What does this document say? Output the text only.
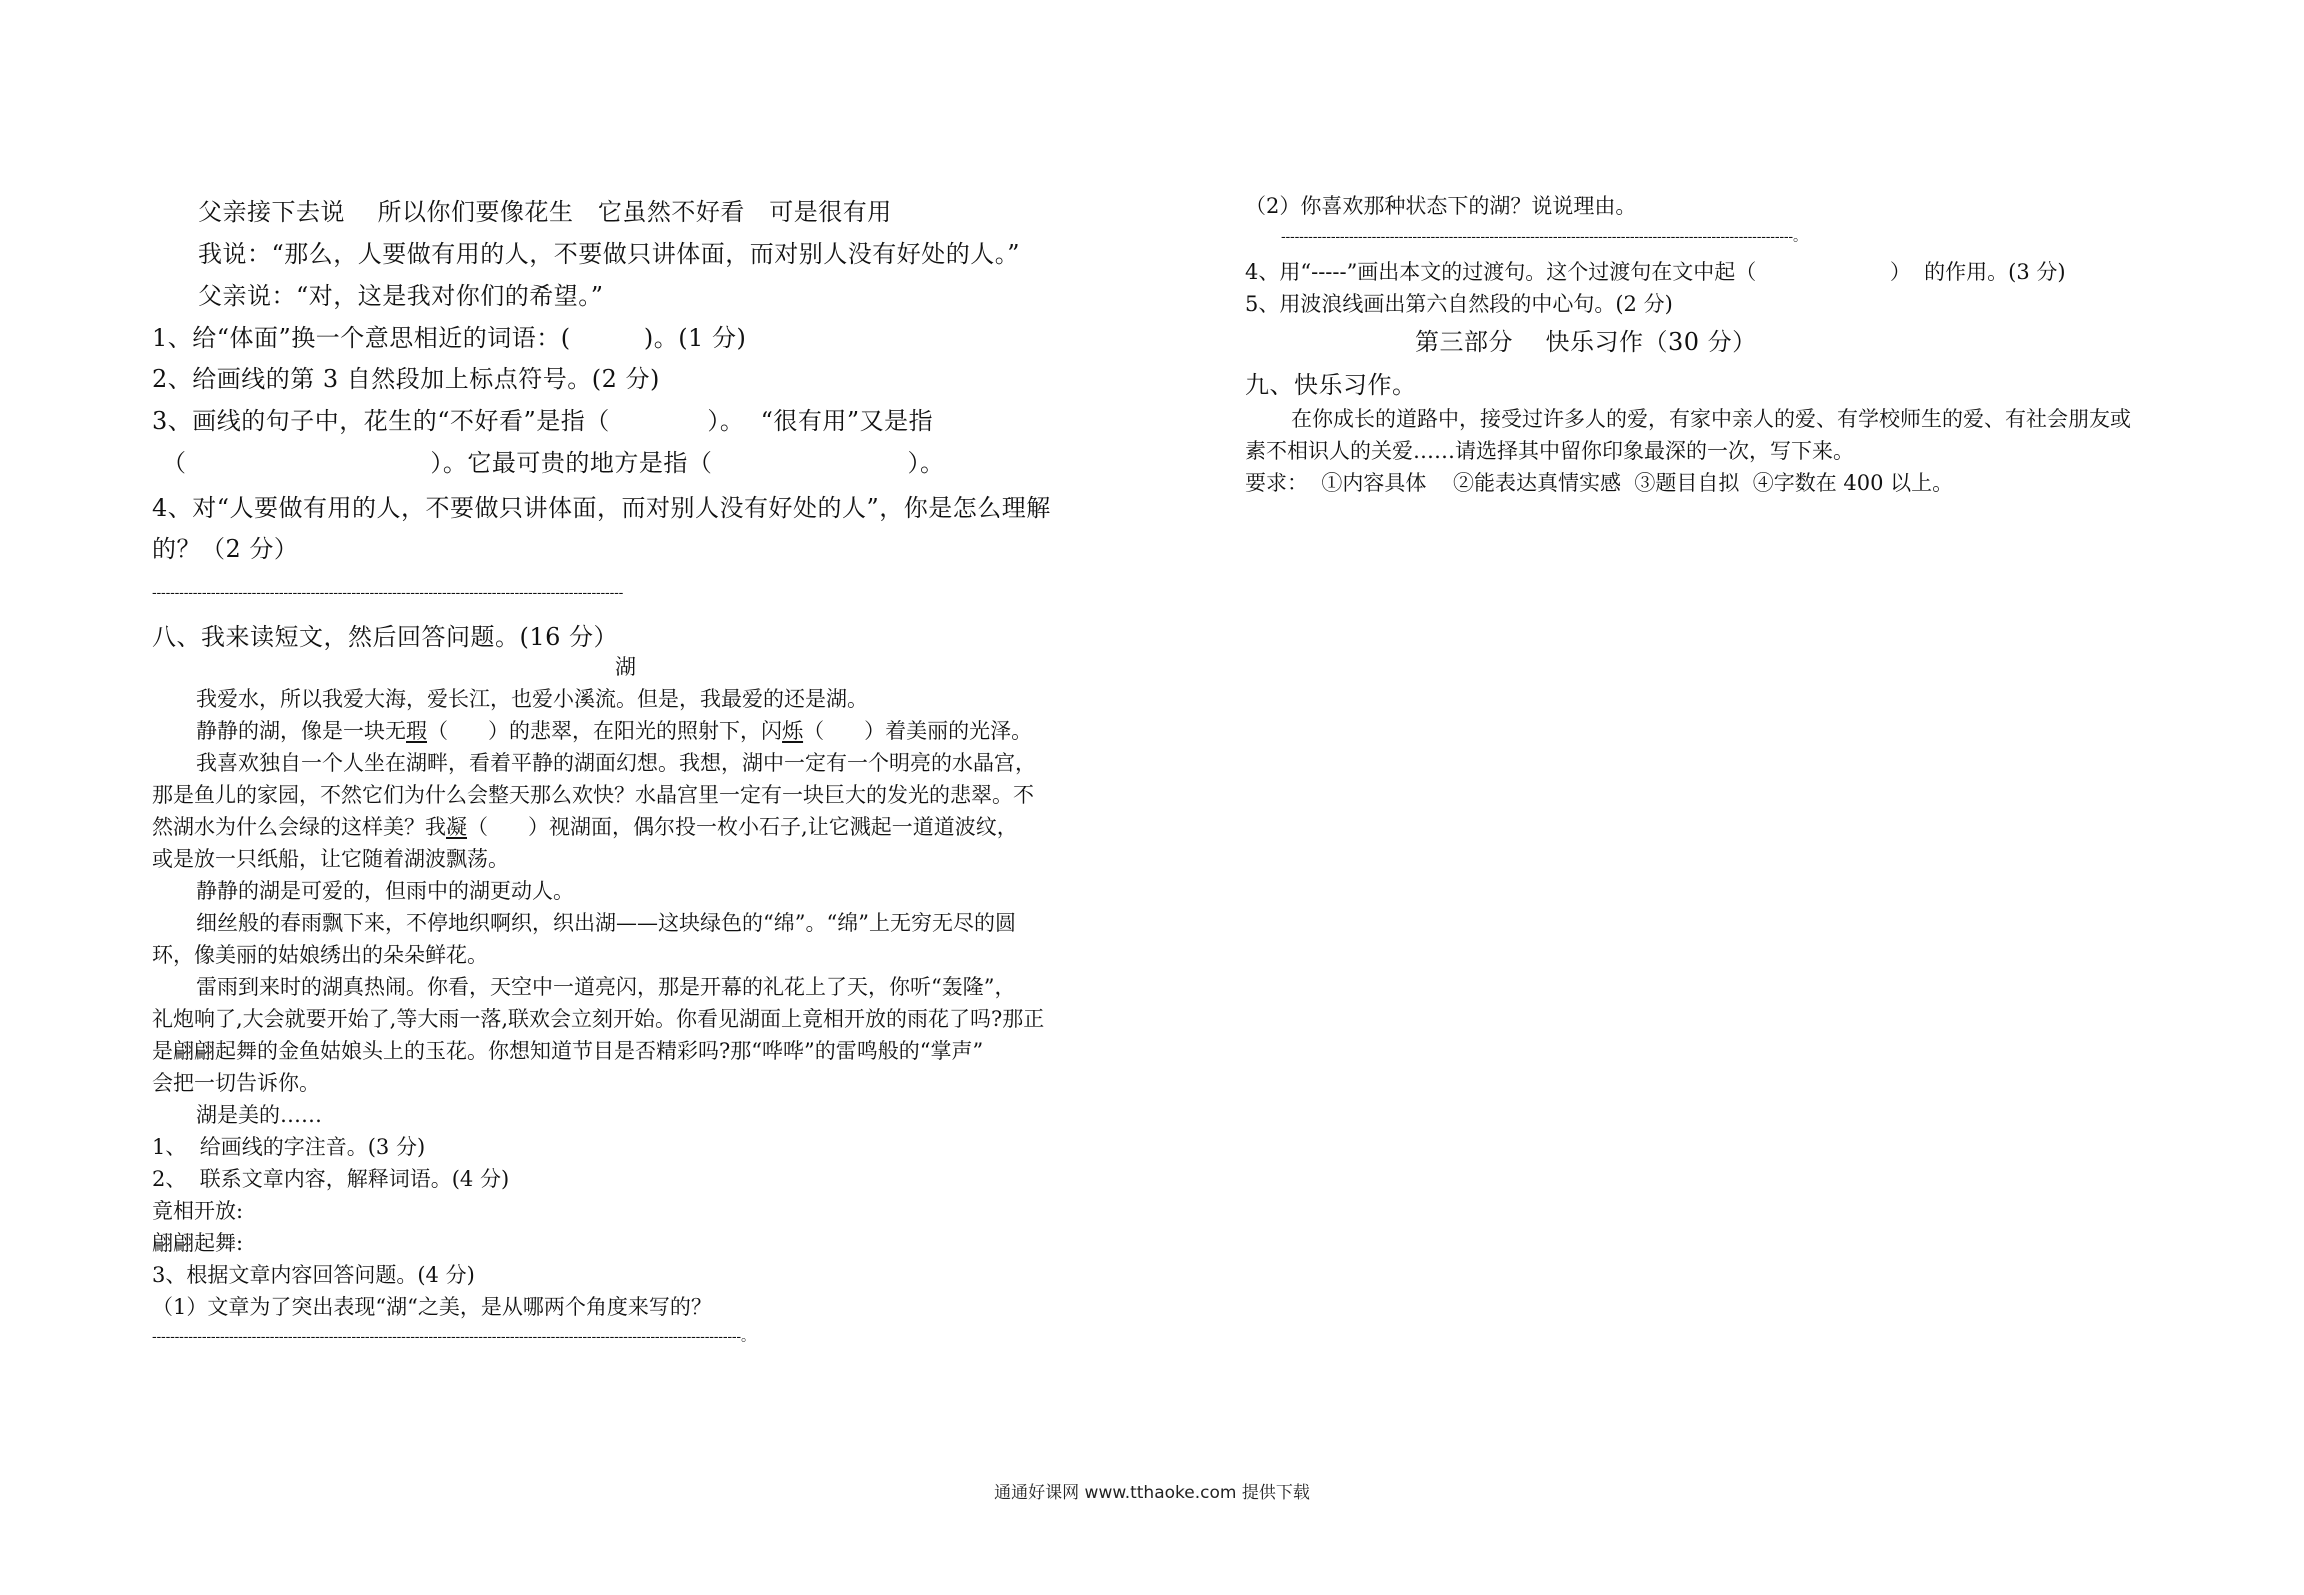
父亲接下去说    所以你们要像花生   它虽然不好看   可是很有用
我说：“那么，人要做有用的人，不要做只讲体面，而对别人没有好处的人。”
父亲说：“对，这是我对你们的希望。”
1、给“体面”换一个意思相近的词语：(         )。(1 分)
2、给画线的第 3 自然段加上标点符号。(2 分)
3、画线的句子中，花生的“不好看”是指（            ）。  “很有用”又是指
（                              ）。它最可贵的地方是指（                        ）。
4、对“人要做有用的人，不要做只讲体面，而对别人没有好处的人”，你是怎么理解
的？（2 分）
--------------------------------------------------------------------------------------------------------
八、我来读短文，然后回答问题。(16 分）
湖
我爱水，所以我爱大海，爱长江，也爱小溪流。但是，我最爱的还是湖。
静静的湖，像是一块无瑕（      ）的悲翠，在阳光的照射下，闪烁（      ）着美丽的光泽。
我喜欢独自一个人坐在湖畔，看着平静的湖面幻想。我想，湖中一定有一个明亮的水晶宫，
那是鱼儿的家园，不然它们为什么会整天那么欢快？水晶宫里一定有一块巨大的发光的悲翠。不
然湖水为什么会绿的这样美？我凝（      ）视湖面，偶尔投一枚小石子,让它溅起一道道波纹，
或是放一只纸船，让它随着湖波飘荡。
静静的湖是可爱的，但雨中的湖更动人。
细丝般的春雨飘下来，不停地织啊织，织出湖——这块绿色的“绵”。“绵”上无穷无尽的圆
环，像美丽的姑娘绣出的朵朵鲜花。
雷雨到来时的湖真热闹。你看，天空中一道亮闪，那是开幕的礼花上了天，你听“轰隆”，
礼炮响了,大会就要开始了,等大雨一落,联欢会立刻开始。你看见湖面上竟相开放的雨花了吗?那正
是翩翩起舞的金鱼姑娘头上的玉花。你想知道节目是否精彩吗?那“哗哗”的雷鸣般的“掌声”
会把一切告诉你。
湖是美的……
1、  给画线的字注音。(3 分)
2、  联系文章内容，解释词语。(4 分)
竟相开放:
翩翩起舞:
3、根据文章内容回答问题。(4 分)
（1）文章为了突出表现“湖“之美，是从哪两个角度来写的？
----------------------------------------------------------------------------------------------------------------------------------。
（2）你喜欢那种状态下的湖？说说理由。
-----------------------------------------------------------------------------------------------------------------。
4、用“-----”画出本文的过渡句。这个过渡句在文中起（                    ）  的作用。(3 分)
5、用波浪线画出第六自然段的中心句。(2 分)
第三部分    快乐习作（30 分）
九、快乐习作。
在你成长的道路中，接受过许多人的爱，有家中亲人的爱、有学校师生的爱、有社会朋友或
素不相识人的关爱……请选择其中留你印象最深的一次，写下来。
要求：  ①内容具体    ②能表达真情实感  ③题目自拟  ④字数在 400 以上。
通通好课网 www.tthaoke.com 提供下载
